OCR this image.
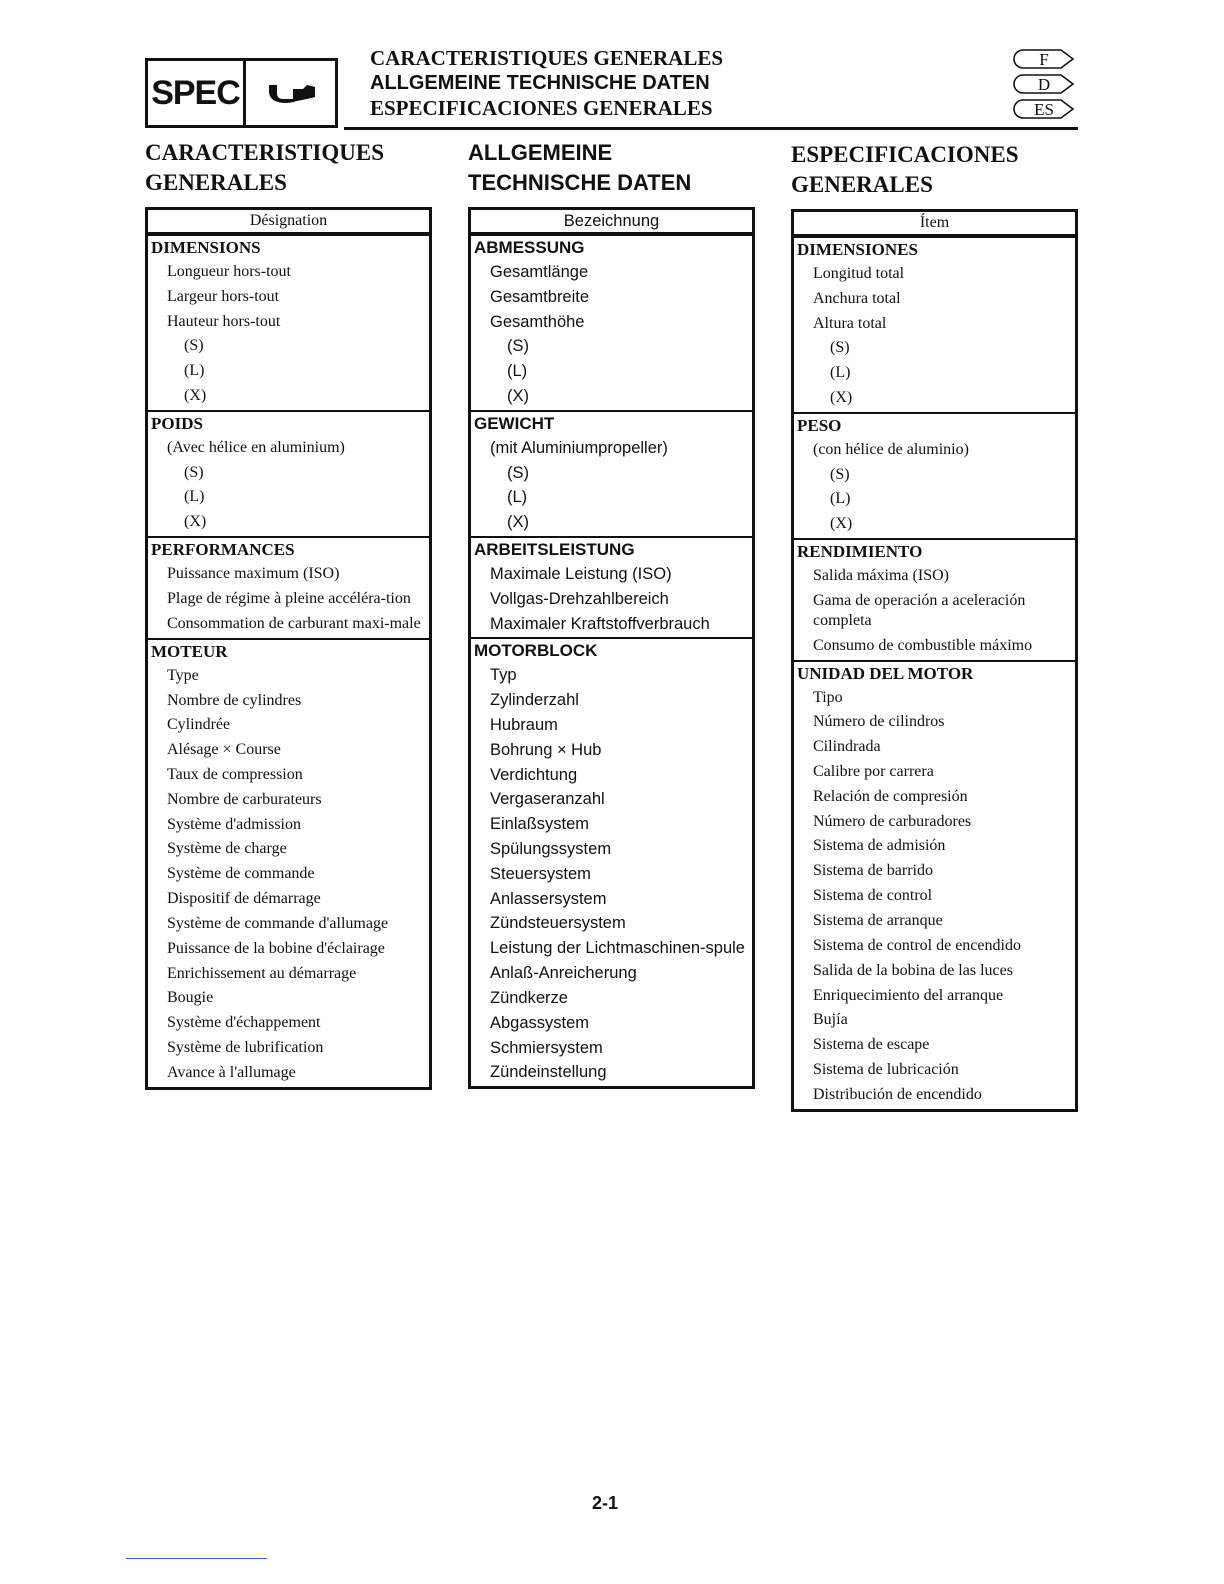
SPEC
CARACTERISTIQUES GENERALES
ALLGEMEINE TECHNISCHE DATEN
ESPECIFICACIONES GENERALES
F
D
ES
CARACTERISTIQUES
GENERALES
Désignation
DIMENSIONS
Longueur hors-tout
Largeur hors-tout
Hauteur hors-tout
(S)
(L)
(X)
POIDS
(Avec hélice en aluminium)
(S)
(L)
(X)
PERFORMANCES
Puissance maximum (ISO)
Plage de régime à pleine accéléra-tion
Consommation de carburant maxi-male
MOTEUR
Type
Nombre de cylindres
Cylindrée
Alésage × Course
Taux de compression
Nombre de carburateurs
Système d'admission
Système de charge
Système de commande
Dispositif de démarrage
Système de commande d'allumage
Puissance de la bobine d'éclairage
Enrichissement au démarrage
Bougie
Système d'échappement
Système de lubrification
Avance à l'allumage
ALLGEMEINE
TECHNISCHE DATEN
Bezeichnung
ABMESSUNG
Gesamtlänge
Gesamtbreite
Gesamthöhe
(S)
(L)
(X)
GEWICHT
(mit Aluminiumpropeller)
(S)
(L)
(X)
ARBEITSLEISTUNG
Maximale Leistung (ISO)
Vollgas-Drehzahlbereich
Maximaler Kraftstoffverbrauch
MOTORBLOCK
Typ
Zylinderzahl
Hubraum
Bohrung × Hub
Verdichtung
Vergaseranzahl
Einlaßsystem
Spülungssystem
Steuersystem
Anlassersystem
Zündsteuersystem
Leistung der Lichtmaschinen-spule
Anlaß-Anreicherung
Zündkerze
Abgassystem
Schmiersystem
Zündeinstellung
ESPECIFICACIONES
GENERALES
Ítem
DIMENSIONES
Longitud total
Anchura total
Altura total
(S)
(L)
(X)
PESO
(con hélice de aluminio)
(S)
(L)
(X)
RENDIMIENTO
Salida máxima (ISO)
Gama de operación a aceleración completa
Consumo de combustible máximo
UNIDAD DEL MOTOR
Tipo
Número de cilindros
Cilindrada
Calibre por carrera
Relación de compresión
Número de carburadores
Sistema de admisión
Sistema de barrido
Sistema de control
Sistema de arranque
Sistema de control de encendido
Salida de la bobina de las luces
Enriquecimiento del arranque
Bujía
Sistema de escape
Sistema de lubricación
Distribución de encendido
2-1
